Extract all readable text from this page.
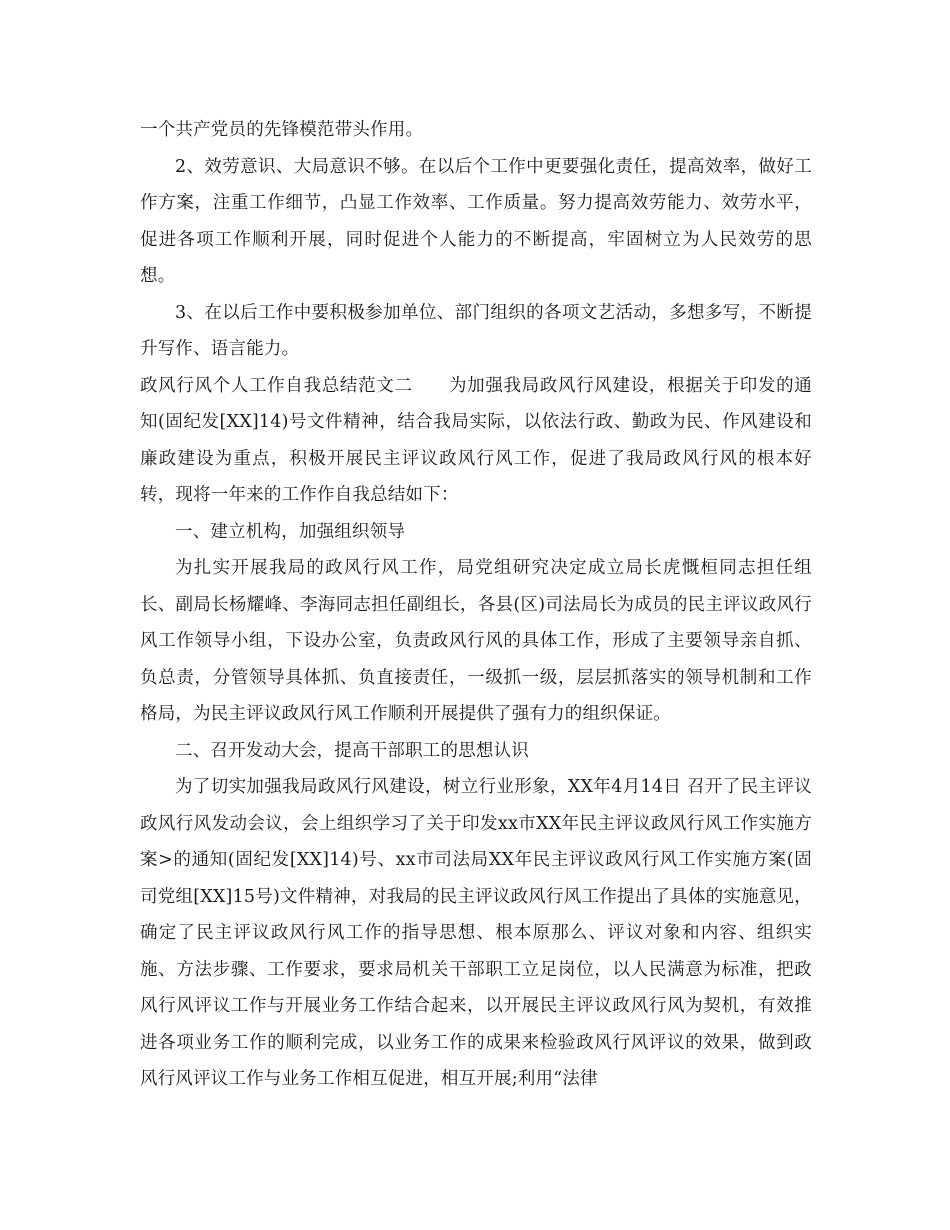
一个共产党员的先锋模范带头作用。

2、效劳意识、大局意识不够。在以后个工作中更要强化责任，提高效率，做好工作方案，注重工作细节，凸显工作效率、工作质量。努力提高效劳能力、效劳水平，促进各项工作顺利开展，同时促进个人能力的不断提高，牢固树立为人民效劳的思想。

3、在以后工作中要积极参加单位、部门组织的各项文艺活动，多想多写，不断提升写作、语言能力。

政风行风个人工作自我总结范文二　　为加强我局政风行风建设，根据关于印发的通知(固纪发[XX]14)号文件精神，结合我局实际，以依法行政、勤政为民、作风建设和廉政建设为重点，积极开展民主评议政风行风工作，促进了我局政风行风的根本好转，现将一年来的工作作自我总结如下：

一、建立机构，加强组织领导

为扎实开展我局的政风行风工作，局党组研究决定成立局长虎慨桓同志担任组长、副局长杨耀峰、李海同志担任副组长，各县(区)司法局长为成员的民主评议政风行风工作领导小组，下设办公室，负责政风行风的具体工作，形成了主要领导亲自抓、负总责，分管领导具体抓、负直接责任，一级抓一级，层层抓落实的领导机制和工作格局，为民主评议政风行风工作顺利开展提供了强有力的组织保证。

二、召开发动大会，提高干部职工的思想认识

为了切实加强我局政风行风建设，树立行业形象，XX年4月14日 召开了民主评议政风行风发动会议，会上组织学习了关于印发xx市XX年民主评议政风行风工作实施方案>的通知(固纪发[XX]14)号、xx市司法局XX年民主评议政风行风工作实施方案(固司党组[XX]15号)文件精神，对我局的民主评议政风行风工作提出了具体的实施意见，确定了民主评议政风行风工作的指导思想、根本原那么、评议对象和内容、组织实施、方法步骤、工作要求，要求局机关干部职工立足岗位，以人民满意为标准，把政风行风评议工作与开展业务工作结合起来，以开展民主评议政风行风为契机，有效推进各项业务工作的顺利完成，以业务工作的成果来检验政风行风评议的效果，做到政风行风评议工作与业务工作相互促进，相互开展;利用“法律
